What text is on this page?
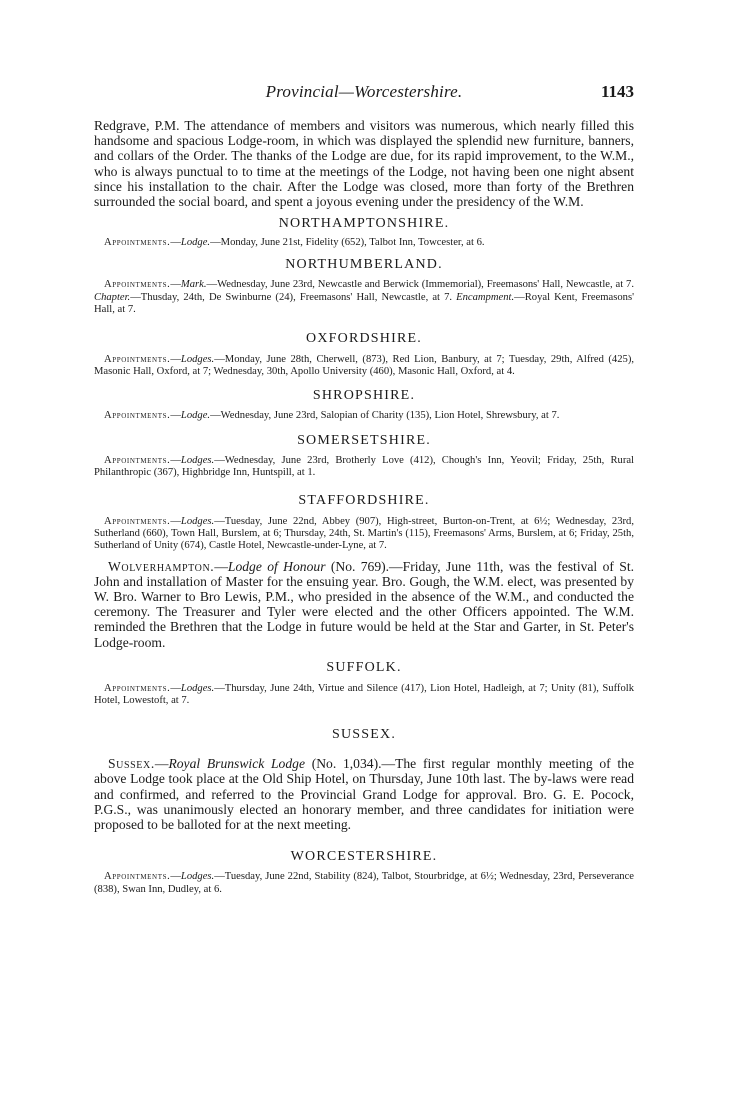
Provincial—Worcestershire.	1143

Redgrave, P.M. The attendance of members and visitors was numerous, which nearly filled this handsome and spacious Lodge-room, in which was displayed the splendid new furniture, banners, and collars of the Order. The thanks of the Lodge are due, for its rapid improvement, to the W.M., who is always punctual to to time at the meetings of the Lodge, not having been one night absent since his installation to the chair. After the Lodge was closed, more than forty of the Brethren surrounded the social board, and spent a joyous evening under the presidency of the W.M.

NORTHAMPTONSHIRE.

Appointments.—Lodge.—Monday, June 21st, Fidelity (652), Talbot Inn, Towcester, at 6.

NORTHUMBERLAND.

Appointments.—Mark.—Wednesday, June 23rd, Newcastle and Berwick (Immemorial), Freemasons' Hall, Newcastle, at 7. Chapter.—Thusday, 24th, De Swinburne (24), Freemasons' Hall, Newcastle, at 7. Encampment.—Royal Kent, Freemasons' Hall, at 7.

OXFORDSHIRE.

Appointments.—Lodges.—Monday, June 28th, Cherwell, (873), Red Lion, Banbury, at 7; Tuesday, 29th, Alfred (425), Masonic Hall, Oxford, at 7; Wednesday, 30th, Apollo University (460), Masonic Hall, Oxford, at 4.

SHROPSHIRE.

Appointments.—Lodge.—Wednesday, June 23rd, Salopian of Charity (135), Lion Hotel, Shrewsbury, at 7.

SOMERSETSHIRE.

Appointments.—Lodges.—Wednesday, June 23rd, Brotherly Love (412), Chough's Inn, Yeovil; Friday, 25th, Rural Philanthropic (367), Highbridge Inn, Huntspill, at 1.

STAFFORDSHIRE.

Appointments.—Lodges.—Tuesday, June 22nd, Abbey (907), High-street, Burton-on-Trent, at 6½; Wednesday, 23rd, Sutherland (660), Town Hall, Burslem, at 6; Thursday, 24th, St. Martin's (115), Freemasons' Arms, Burslem, at 6; Friday, 25th, Sutherland of Unity (674), Castle Hotel, Newcastle-under-Lyne, at 7.

Wolverhampton.—Lodge of Honour (No. 769).—Friday, June 11th, was the festival of St. John and installation of Master for the ensuing year. Bro. Gough, the W.M. elect, was presented by W. Bro. Warner to Bro Lewis, P.M., who presided in the absence of the W.M., and conducted the ceremony. The Treasurer and Tyler were elected and the other Officers appointed. The W.M. reminded the Brethren that the Lodge in future would be held at the Star and Garter, in St. Peter's Lodge-room.

SUFFOLK.

Appointments.—Lodges.—Thursday, June 24th, Virtue and Silence (417), Lion Hotel, Hadleigh, at 7; Unity (81), Suffolk Hotel, Lowestoft, at 7.

SUSSEX.

Sussex.—Royal Brunswick Lodge (No. 1,034).—The first regular monthly meeting of the above Lodge took place at the Old Ship Hotel, on Thursday, June 10th last. The by-laws were read and confirmed, and referred to the Provincial Grand Lodge for approval. Bro. G. E. Pocock, P.G.S., was unanimously elected an honorary member, and three candidates for initiation were proposed to be balloted for at the next meeting.

WORCESTERSHIRE.

Appointments.—Lodges.—Tuesday, June 22nd, Stability (824), Talbot, Stourbridge, at 6½; Wednesday, 23rd, Perseverance (838), Swan Inn, Dudley, at 6.
